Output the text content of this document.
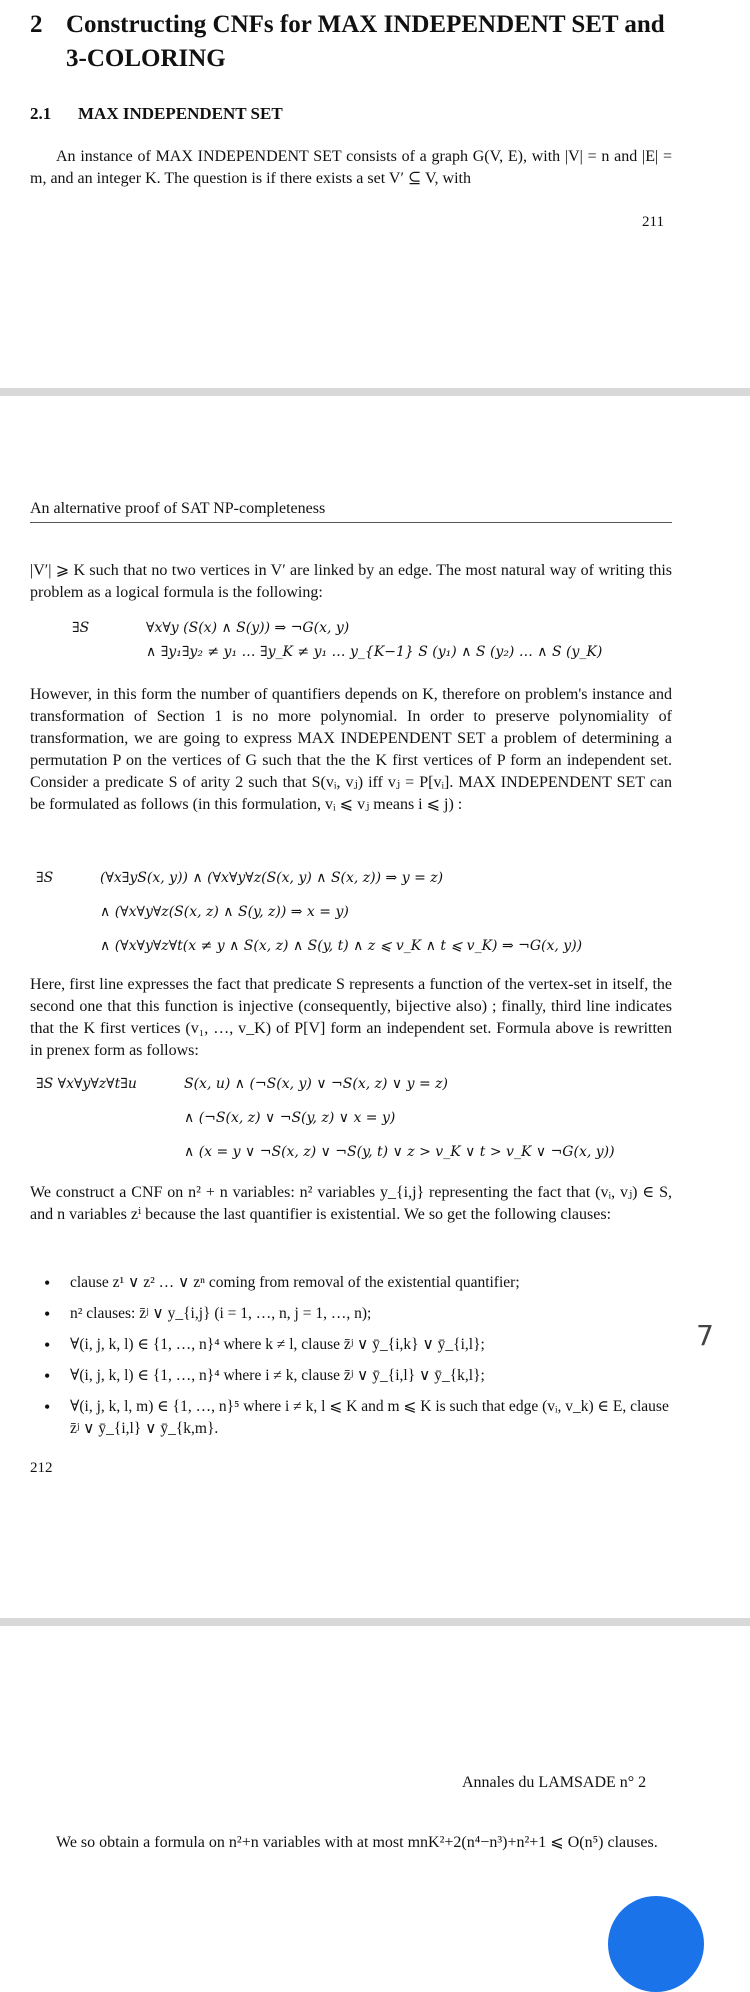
2 Constructing CNFs for MAX INDEPENDENT SET and
3-COLORING
2.1 MAX INDEPENDENT SET
An instance of MAX INDEPENDENT SET consists of a graph G(V, E), with |V| = n and |E| = m, and an integer K. The question is if there exists a set V′ ⊆ V, with
211
An alternative proof of SAT NP-completeness
|V′| ⩾ K such that no two vertices in V′ are linked by an edge. The most natural way of writing this problem as a logical formula is the following:
∃S	∀x∀y (S(x) ∧ S(y)) ⇒ ¬G(x, y)
∧ ∃y₁∃y₂ ≠ y₁ … ∃y_K ≠ y₁ … y_{K−1} S (y₁) ∧ S (y₂) … ∧ S (y_K)
However, in this form the number of quantifiers depends on K, therefore on problem's instance and transformation of Section 1 is no more polynomial. In order to preserve polynomiality of transformation, we are going to express MAX INDEPENDENT SET a problem of determining a permutation P on the vertices of G such that the the K first vertices of P form an independent set. Consider a predicate S of arity 2 such that S(vᵢ, vⱼ) iff vⱼ = P[vᵢ]. MAX INDEPENDENT SET can be formulated as follows (in this formulation, vᵢ ⩽ vⱼ means i ⩽ j) :
∃S	(∀x∃yS(x, y)) ∧ (∀x∀y∀z(S(x, y) ∧ S(x, z)) ⇒ y = z)
∧ (∀x∀y∀z(S(x, z) ∧ S(y, z)) ⇒ x = y)
∧ (∀x∀y∀z∀t(x ≠ y ∧ S(x, z) ∧ S(y, t) ∧ z ⩽ v_K ∧ t ⩽ v_K) ⇒ ¬G(x, y))
Here, first line expresses the fact that predicate S represents a function of the vertex-set in itself, the second one that this function is injective (consequently, bijective also) ; finally, third line indicates that the K first vertices (v₁, …, v_K) of P[V] form an independent set. Formula above is rewritten in prenex form as follows:
∃S ∀x∀y∀z∀t∃u	S(x, u) ∧ (¬S(x, y) ∨ ¬S(x, z) ∨ y = z)
∧ (¬S(x, z) ∨ ¬S(y, z) ∨ x = y)
∧ (x = y ∨ ¬S(x, z) ∨ ¬S(y, t) ∨ z > v_K ∨ t > v_K ∨ ¬G(x, y))
We construct a CNF on n² + n variables: n² variables y_{i,j} representing the fact that (vᵢ, vⱼ) ∈ S, and n variables zⁱ because the last quantifier is existential. We so get the following clauses:
• clause z¹ ∨ z² … ∨ zⁿ coming from removal of the existential quantifier;
• n² clauses: z̄ʲ ∨ y_{i,j} (i = 1, …, n, j = 1, …, n);
• ∀(i, j, k, l) ∈ {1, …, n}⁴ where k ≠ l, clause z̄ʲ ∨ ȳ_{i,k} ∨ ȳ_{i,l};
• ∀(i, j, k, l) ∈ {1, …, n}⁴ where i ≠ k, clause z̄ʲ ∨ ȳ_{i,l} ∨ ȳ_{k,l};
• ∀(i, j, k, l, m) ∈ {1, …, n}⁵ where i ≠ k, l ⩽ K and m ⩽ K is such that edge (vᵢ, v_k) ∈ E, clause z̄ʲ ∨ ȳ_{i,l} ∨ ȳ_{k,m}.
212
7
Annales du LAMSADE n° 2
We so obtain a formula on n²+n variables with at most mnK²+2(n⁴−n³)+n²+1 ⩽ O(n⁵) clauses.
